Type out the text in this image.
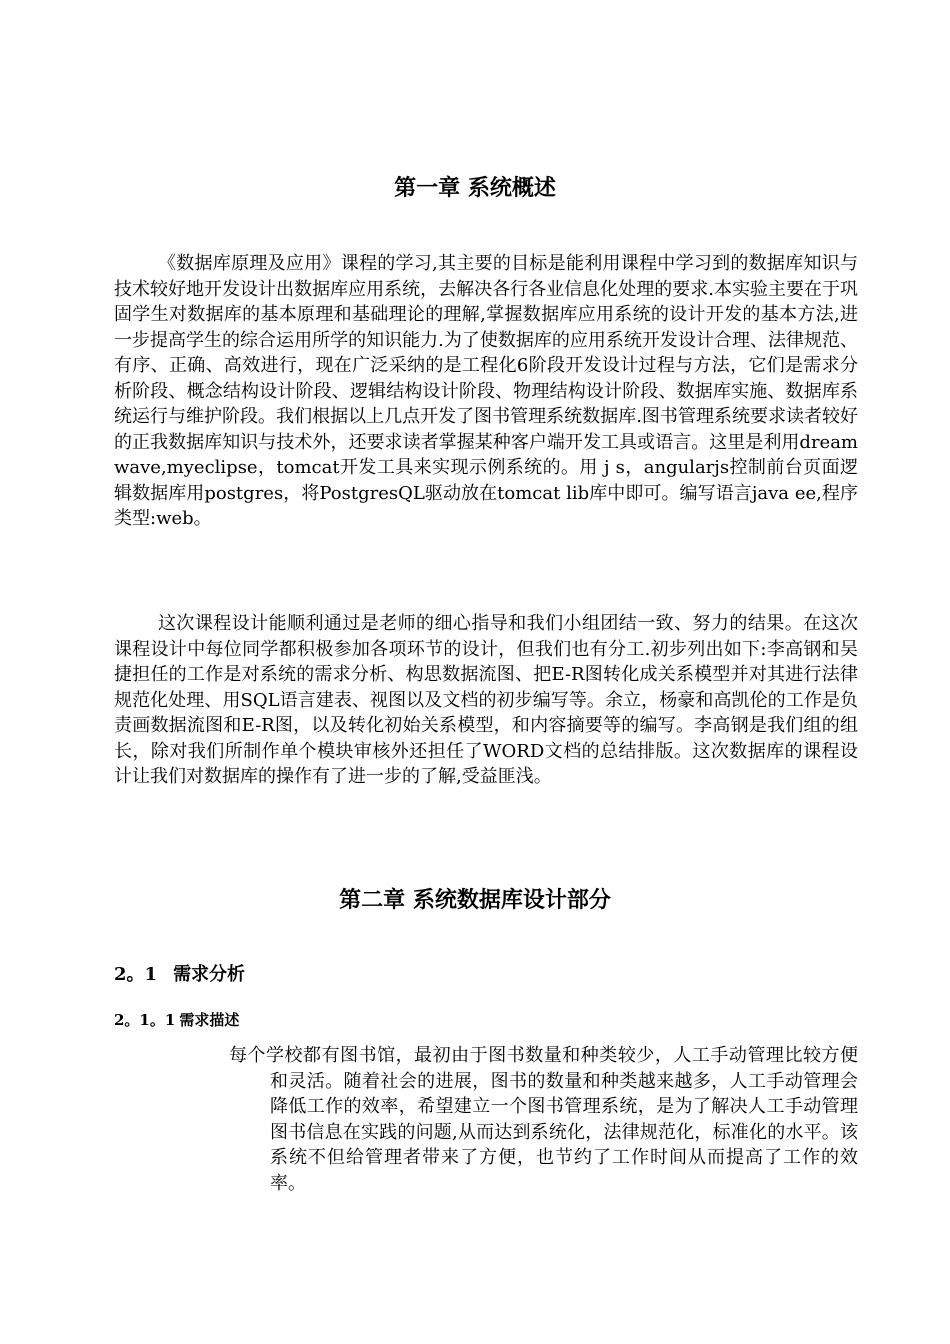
第一章 系统概述

《数据库原理及应用》课程的学习,其主要的目标是能利用课程中学习到的数据库知识与技术较好地开发设计出数据库应用系统，去解决各行各业信息化处理的要求.本实验主要在于巩固学生对数据库的基本原理和基础理论的理解,掌握数据库应用系统的设计开发的基本方法,进一步提高学生的综合运用所学的知识能力.为了使数据库的应用系统开发设计合理、法律规范、有序、正确、高效进行，现在广泛采纳的是工程化6阶段开发设计过程与方法，它们是需求分析阶段、概念结构设计阶段、逻辑结构设计阶段、物理结构设计阶段、数据库实施、数据库系统运行与维护阶段。我们根据以上几点开发了图书管理系统数据库.图书管理系统要求读者较好的正我数据库知识与技术外，还要求读者掌握某种客户端开发工具或语言。这里是利用dreamwave,myeclipse，tomcat开发工具来实现示例系统的。用 j s，angularjs控制前台页面逻辑数据库用postgres，将PostgresQL驱动放在tomcat lib库中即可。编写语言java ee,程序类型:web。

这次课程设计能顺利通过是老师的细心指导和我们小组团结一致、努力的结果。在这次课程设计中每位同学都积极参加各项环节的设计，但我们也有分工.初步列出如下:李高钢和吴捷担任的工作是对系统的需求分析、构思数据流图、把E-R图转化成关系模型并对其进行法律规范化处理、用SQL语言建表、视图以及文档的初步编写等。余立，杨豪和高凯伦的工作是负责画数据流图和E-R图，以及转化初始关系模型，和内容摘要等的编写。李高钢是我们组的组长，除对我们所制作单个模块审核外还担任了WORD文档的总结排版。这次数据库的课程设计让我们对数据库的操作有了进一步的了解,受益匪浅。

第二章 系统数据库设计部分
2。1 需求分析
2。1。1 需求描述

每个学校都有图书馆，最初由于图书数量和种类较少，人工手动管理比较方便和灵活。随着社会的进展，图书的数量和种类越来越多，人工手动管理会降低工作的效率，希望建立一个图书管理系统，是为了解决人工手动管理图书信息在实践的问题,从而达到系统化，法律规范化，标准化的水平。该系统不但给管理者带来了方便，也节约了工作时间从而提高了工作的效率。
